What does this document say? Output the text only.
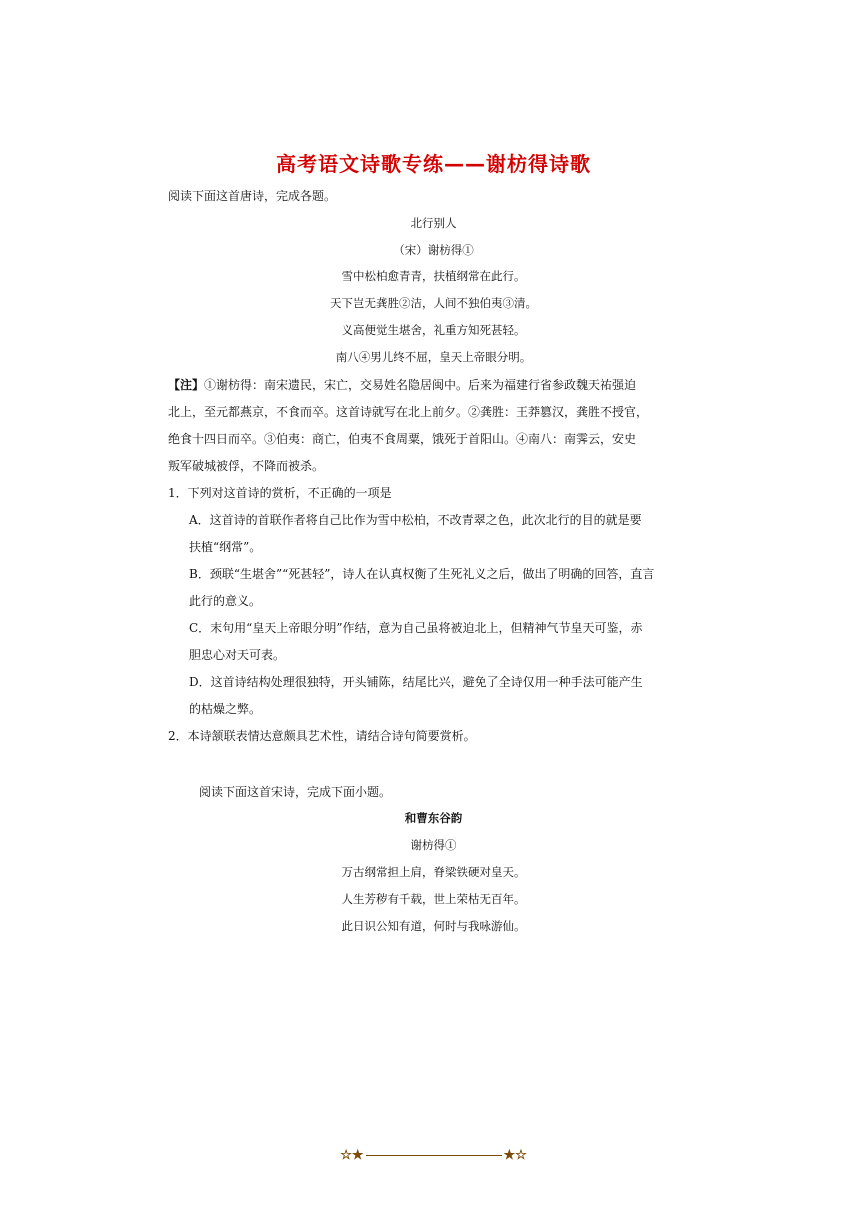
高考语文诗歌专练——谢枋得诗歌
阅读下面这首唐诗，完成各题。
北行别人
（宋）谢枋得①
雪中松柏愈青青，扶植纲常在此行。
天下岂无龚胜②洁，人间不独伯夷③清。
义高便觉生堪舍，礼重方知死甚轻。
南八④男儿终不屈，皇天上帝眼分明。
【注】①谢枋得：南宋遗民，宋亡，交易姓名隐居闽中。后来为福建行省参政魏天祐强迫
北上，至元都燕京，不食而卒。这首诗就写在北上前夕。②龚胜：王莽篡汉，龚胜不授官，
绝食十四日而卒。③伯夷：商亡，伯夷不食周粟，饿死于首阳山。④南八：南霁云，安史
叛军破城被俘，不降而被杀。
1．下列对这首诗的赏析，不正确的一项是
A．这首诗的首联作者将自己比作为雪中松柏，不改青翠之色，此次北行的目的就是要
扶植“纲常”。
B．颈联“生堪舍”“死甚轻”，诗人在认真权衡了生死礼义之后，做出了明确的回答，直言
此行的意义。
C．末句用“皇天上帝眼分明”作结，意为自己虽将被迫北上，但精神气节皇天可鉴，赤
胆忠心对天可表。
D．这首诗结构处理很独特，开头铺陈，结尾比兴，避免了全诗仅用一种手法可能产生
的枯燥之弊。
2．本诗颔联表情达意颇具艺术性，请结合诗句简要赏析。
阅读下面这首宋诗，完成下面小题。
和曹东谷韵
谢枋得①
万古纲常担上肩，脊梁铁硬对皇天。
人生芳秽有千载，世上荣枯无百年。
此日识公知有道，何时与我咏游仙。
☆★	★☆
